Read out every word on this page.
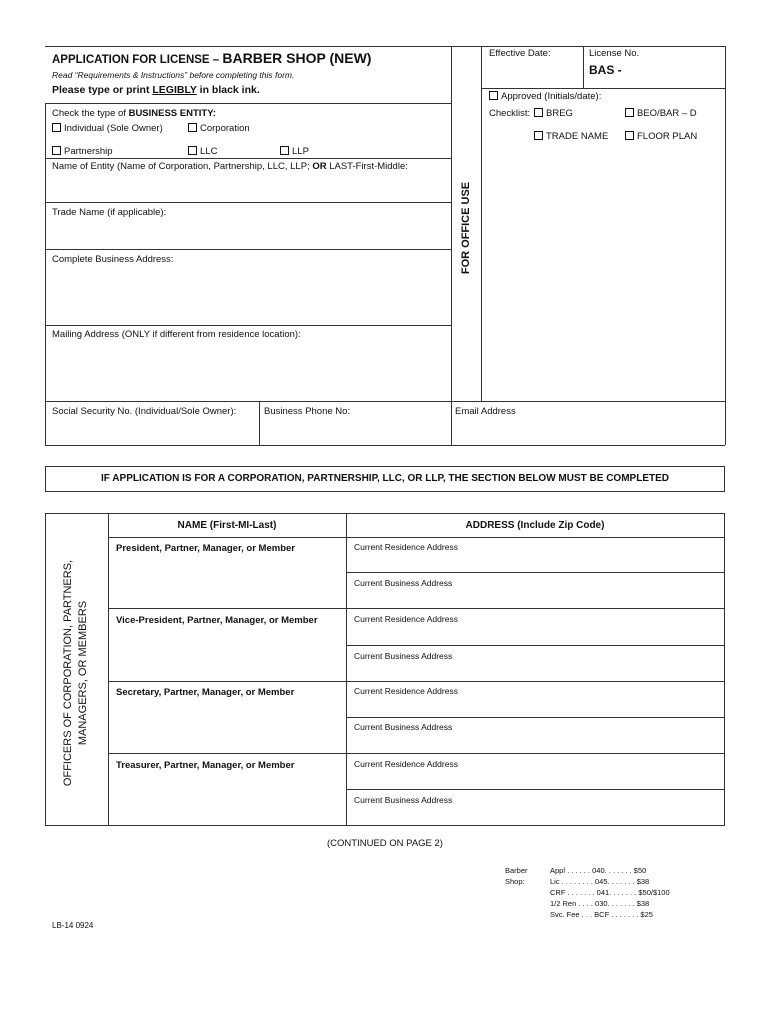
APPLICATION FOR LICENSE – BARBER SHOP (NEW)
Read “Requirements & Instructions” before completing this form.
Please type or print LEGIBLY in black ink.
Check the type of BUSINESS ENTITY:
Individual (Sole Owner)	Corporation
Partnership	LLC	LLP
Name of Entity (Name of Corporation, Partnership, LLC, LLP; OR LAST-First-Middle:
Trade Name (if applicable):
Complete Business Address:
Mailing Address (ONLY if different from residence location):
Social Security No. (Individual/Sole Owner):	Business Phone No:	Email Address
FOR OFFICE USE
Effective Date:	License No.
BAS -
Approved (Initials/date):
Checklist:	BREG	BEO/BAR – D
TRADE NAME	FLOOR PLAN
IF APPLICATION IS FOR A CORPORATION, PARTNERSHIP, LLC, OR LLP, THE SECTION BELOW MUST BE COMPLETED
NAME (First-MI-Last)	ADDRESS (Include Zip Code)
OFFICERS OF CORPORATION, PARTNERS, MANAGERS, OR MEMBERS
President, Partner, Manager, or Member	Current Residence Address
Current Business Address
Vice-President, Partner, Manager, or Member	Current Residence Address
Current Business Address
Secretary, Partner, Manager, or Member	Current Residence Address
Current Business Address
Treasurer, Partner, Manager, or Member	Current Residence Address
Current Business Address
(CONTINUED ON PAGE 2)
Barber
Shop:
Appl . . . . . . 040. . . . . . . $50
Lic . . . . . . . . 045. . . . . . . $38
CRF . . . . . . . 041. . . . . . . $50/$100
1/2 Ren . . . . 030. . . . . . . $38
Svc. Fee . . . BCF . . . . . . . $25
LB-14 0924
